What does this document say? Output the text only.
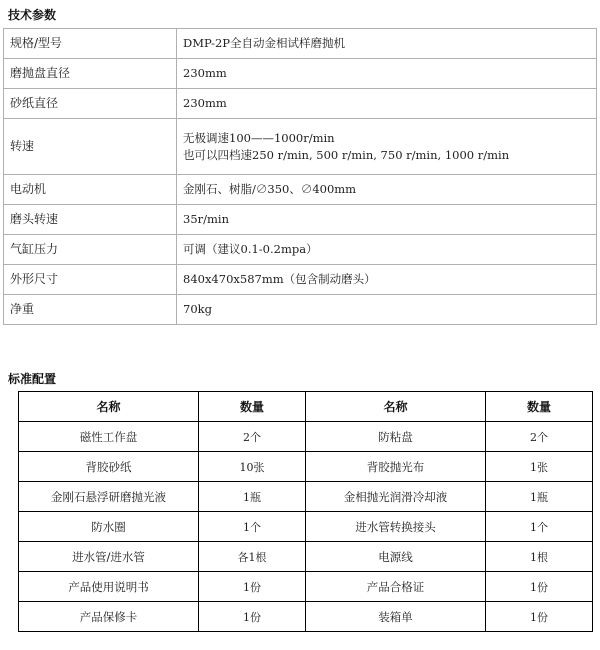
技术参数
规格/型号	DMP-2P全自动金相试样磨抛机
磨抛盘直径	230mm
砂纸直径	230mm
转速	无极调速100——1000r/min
也可以四档速250 r/min, 500 r/min, 750 r/min, 1000 r/min

电动机	金刚石、树脂/∅350、∅400mm
磨头转速	35r/min
气缸压力	可调（建议0.1-0.2mpa）
外形尺寸	840x470x587mm（包含制动磨头）
净重	70kg
标准配置
名称	数量	名称	数量
磁性工作盘	2个	防粘盘	2个
背胶砂纸	10张	背胶抛光布	1张
金刚石悬浮研磨抛光液	1瓶	金相抛光润滑冷却液	1瓶
防水圈	1个	进水管转换接头	1个
进水管/进水管	各1根	电源线	1根
产品使用说明书	1份	产品合格证	1份
产品保修卡	1份	装箱单	1份
